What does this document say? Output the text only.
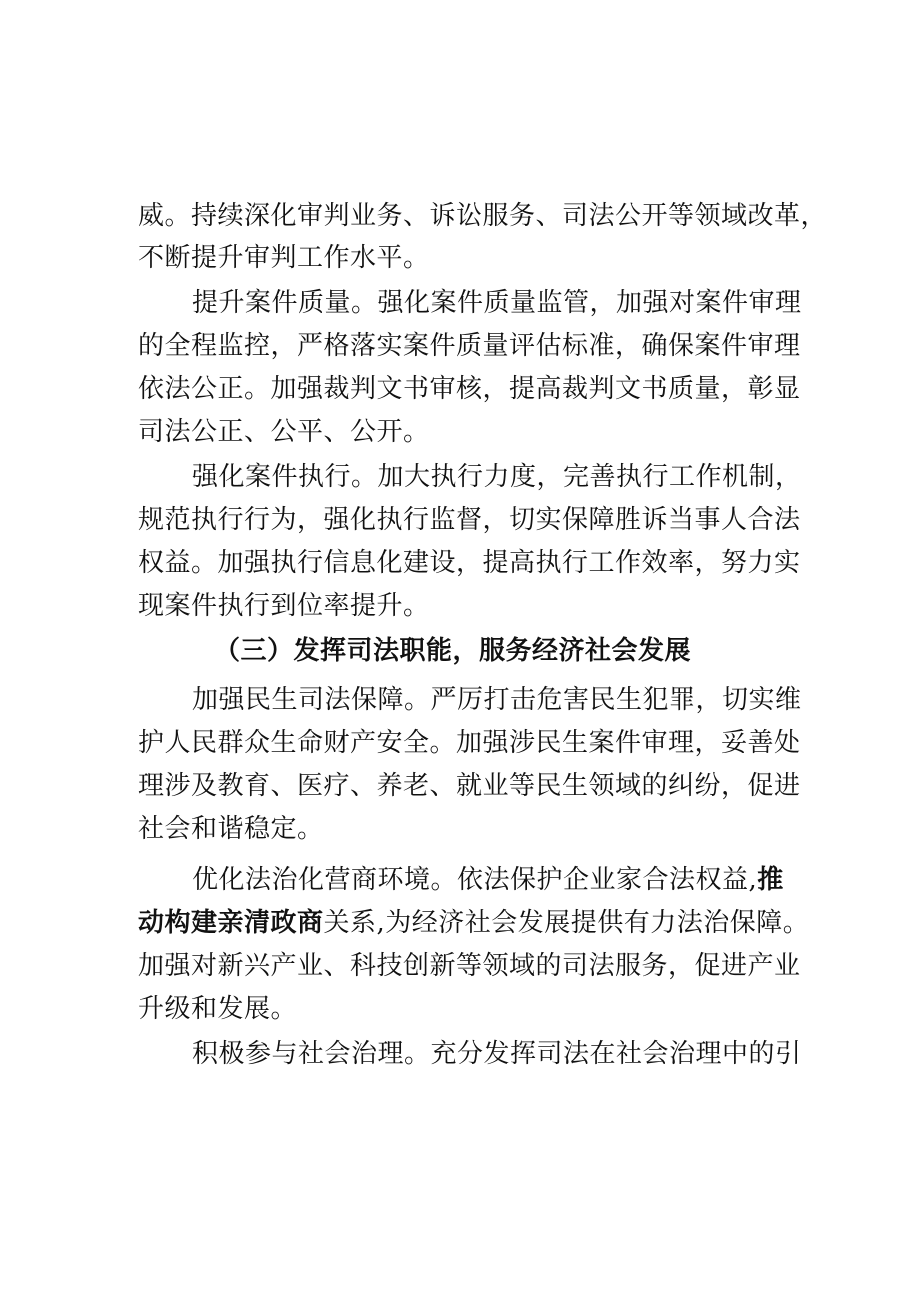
威。持续深化审判业务、诉讼服务、司法公开等领域改革，
不断提升审判工作水平。
提升案件质量。强化案件质量监管，加强对案件审理
的全程监控，严格落实案件质量评估标准，确保案件审理
依法公正。加强裁判文书审核，提高裁判文书质量，彰显
司法公正、公平、公开。
强化案件执行。加大执行力度，完善执行工作机制，
规范执行行为，强化执行监督，切实保障胜诉当事人合法
权益。加强执行信息化建设，提高执行工作效率，努力实
现案件执行到位率提升。
（三）发挥司法职能，服务经济社会发展
加强民生司法保障。严厉打击危害民生犯罪，切实维
护人民群众生命财产安全。加强涉民生案件审理，妥善处
理涉及教育、医疗、养老、就业等民生领域的纠纷，促进
社会和谐稳定。
优化法治化营商环境。依法保护企业家合法权益,推
动构建亲清政商关系,为经济社会发展提供有力法治保障。
加强对新兴产业、科技创新等领域的司法服务，促进产业
升级和发展。
积极参与社会治理。充分发挥司法在社会治理中的引
